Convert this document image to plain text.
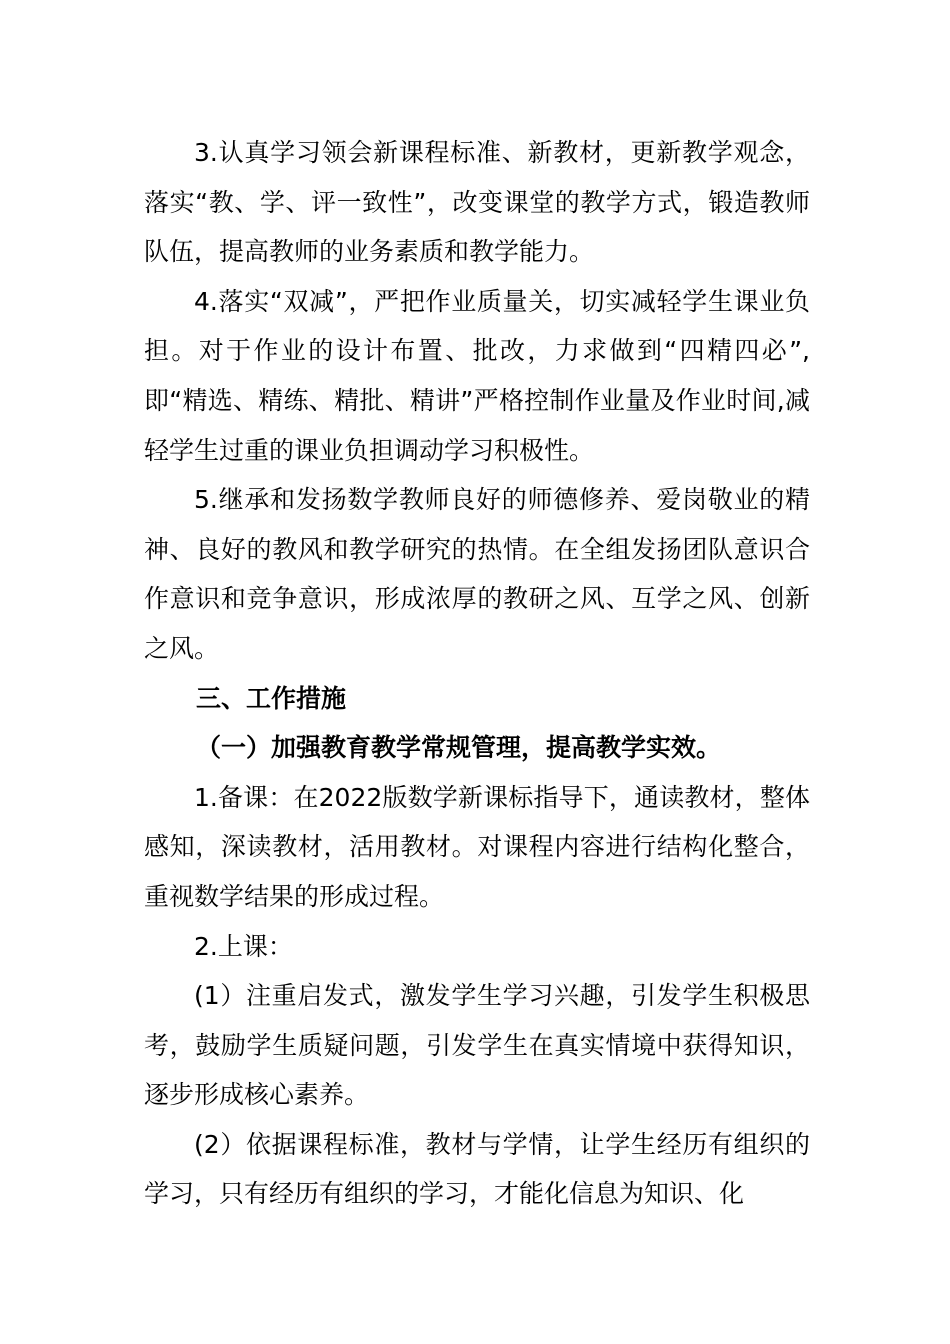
3.认真学习领会新课程标准、新教材，更新教学观念，落实“教、学、评一致性”，改变课堂的教学方式，锻造教师队伍，提高教师的业务素质和教学能力。

4.落实“双减”，严把作业质量关，切实减轻学生课业负担。对于作业的设计布置、批改，力求做到“四精四必”,即“精选、精练、精批、精讲”严格控制作业量及作业时间,减轻学生过重的课业负担调动学习积极性。

5.继承和发扬数学教师良好的师德修养、爱岗敬业的精神、良好的教风和教学研究的热情。在全组发扬团队意识合作意识和竞争意识，形成浓厚的教研之风、互学之风、创新之风。

三、工作措施

（一）加强教育教学常规管理，提高教学实效。

1.备课：在2022版数学新课标指导下，通读教材，整体感知，深读教材，活用教材。对课程内容进行结构化整合，重视数学结果的形成过程。

2.上课：

(1）注重启发式，激发学生学习兴趣，引发学生积极思考，鼓励学生质疑问题，引发学生在真实情境中获得知识，逐步形成核心素养。

(2）依据课程标准，教材与学情，让学生经历有组织的学习，只有经历有组织的学习，才能化信息为知识、化
